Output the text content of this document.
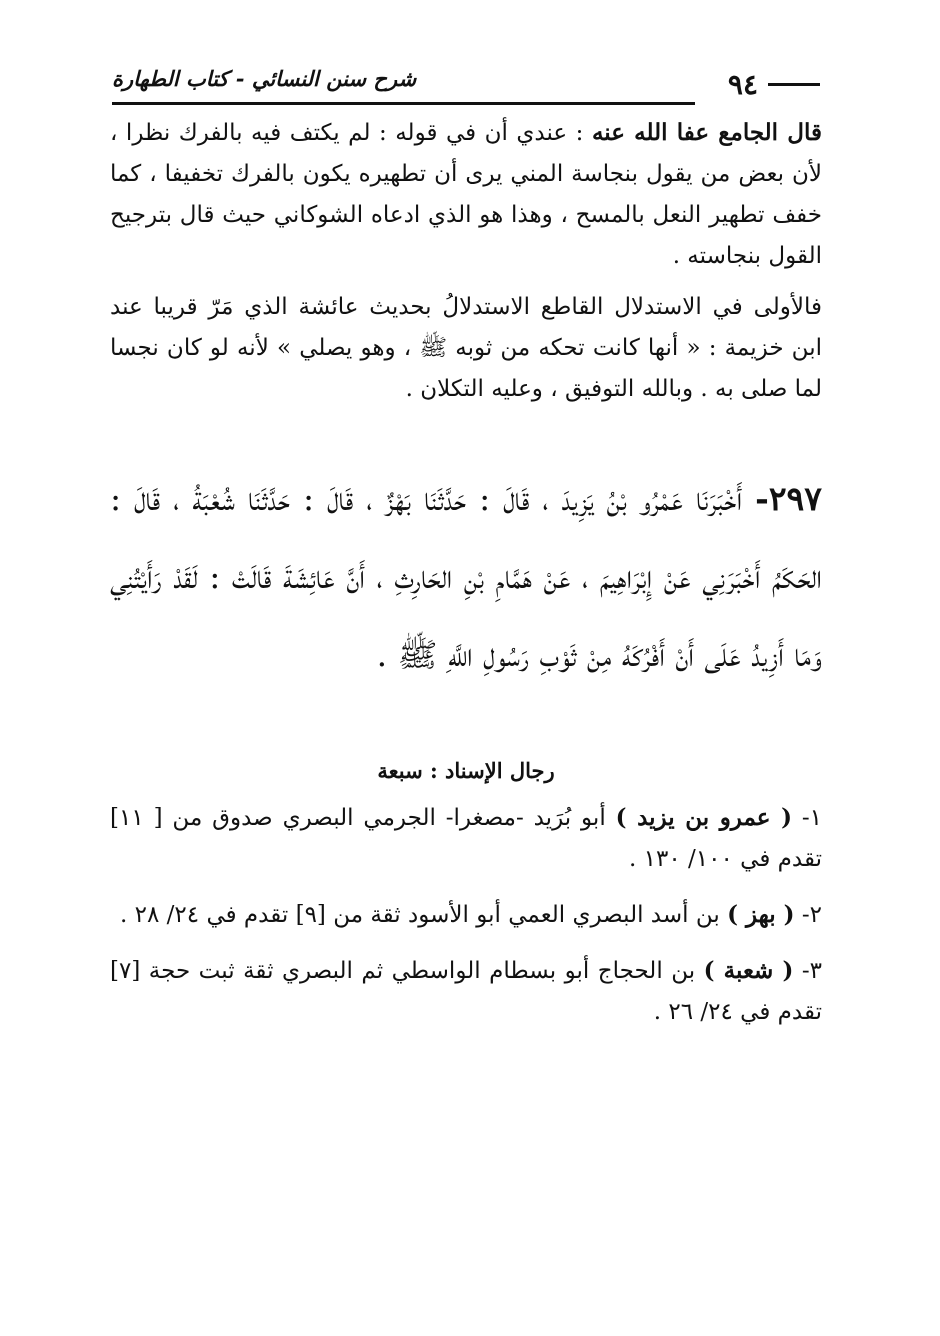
٩٤
شرح سنن النسائي - كتاب الطهارة

قال الجامع عفا الله عنه : عندي أن في قوله : لم يكتف فيه بالفرك نظرا ، لأن بعض من يقول بنجاسة المني يرى أن تطهيره يكون بالفرك تخفيفا ، كما خفف تطهير النعل بالمسح ، وهذا هو الذي ادعاه الشوكاني حيث قال بترجيح القول بنجاسته .

فالأولى في الاستدلال القاطع الاستدلالُ بحديث عائشة الذي مَرّ قريبا عند ابن خزيمة : « أنها كانت تحكه من ثوبه ﷺ ، وهو يصلي » لأنه لو كان نجسا لما صلى به . وبالله التوفيق ، وعليه التكلان .

٢٩٧- أَخْبَرَنَا عَمْرُو بْنُ يَزِيدَ ، قَالَ : حَدَّثَنَا بَهْزٌ ، قَالَ : حَدَّثَنَا شُعْبَةُ ، قَالَ : الحَكَمُ أَخْبَرَنِي عَنْ إِبْرَاهِيمَ ، عَنْ هَمَّامِ بْنِ الحَارِثِ ، أَنَّ عَائِشَةَ قَالَتْ : لَقَدْ رَأَيْتُنِي وَمَا أَزِيدُ عَلَى أَنْ أَفْرُكَهُ مِنْ ثَوْبِ رَسُولِ اللَّهِ ﷺ .
رجال الإسناد : سبعة
١- ( عمرو بن يزيد ) أبو بُرَيد -مصغرا- الجرمي البصري صدوق من [ ١١] تقدم في ١٠٠/ ١٣٠ .
٢- ( بهز ) بن أسد البصري العمي أبو الأسود ثقة من [٩] تقدم في ٢٤/ ٢٨ .
٣- ( شعبة ) بن الحجاج أبو بسطام الواسطي ثم البصري ثقة ثبت حجة [٧] تقدم في ٢٤/ ٢٦ .
